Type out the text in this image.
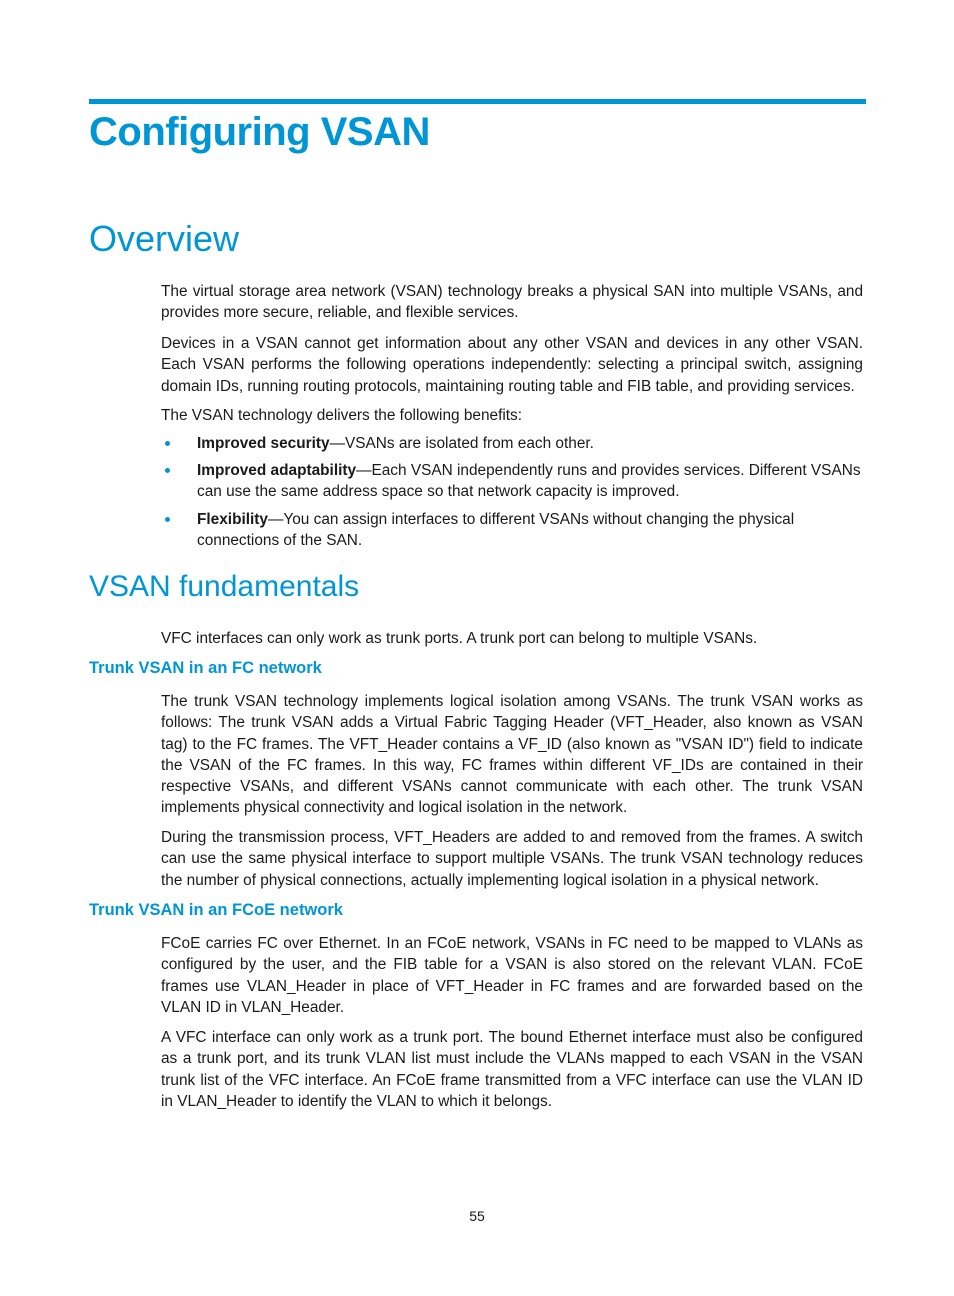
Configuring VSAN
Overview

The virtual storage area network (VSAN) technology breaks a physical SAN into multiple VSANs, and provides more secure, reliable, and flexible services.

Devices in a VSAN cannot get information about any other VSAN and devices in any other VSAN. Each VSAN performs the following operations independently: selecting a principal switch, assigning domain IDs, running routing protocols, maintaining routing table and FIB table, and providing services.

The VSAN technology delivers the following benefits:

Improved security—VSANs are isolated from each other.
Improved adaptability—Each VSAN independently runs and provides services. Different VSANs can use the same address space so that network capacity is improved.
Flexibility—You can assign interfaces to different VSANs without changing the physical connections of the SAN.
VSAN fundamentals

VFC interfaces can only work as trunk ports. A trunk port can belong to multiple VSANs.

Trunk VSAN in an FC network

The trunk VSAN technology implements logical isolation among VSANs. The trunk VSAN works as follows: The trunk VSAN adds a Virtual Fabric Tagging Header (VFT_Header, also known as VSAN tag) to the FC frames. The VFT_Header contains a VF_ID (also known as "VSAN ID") field to indicate the VSAN of the FC frames. In this way, FC frames within different VF_IDs are contained in their respective VSANs, and different VSANs cannot communicate with each other. The trunk VSAN implements physical connectivity and logical isolation in the network.

During the transmission process, VFT_Headers are added to and removed from the frames. A switch can use the same physical interface to support multiple VSANs. The trunk VSAN technology reduces the number of physical connections, actually implementing logical isolation in a physical network.

Trunk VSAN in an FCoE network

FCoE carries FC over Ethernet. In an FCoE network, VSANs in FC need to be mapped to VLANs as configured by the user, and the FIB table for a VSAN is also stored on the relevant VLAN. FCoE frames use VLAN_Header in place of VFT_Header in FC frames and are forwarded based on the VLAN ID in VLAN_Header.

A VFC interface can only work as a trunk port. The bound Ethernet interface must also be configured as a trunk port, and its trunk VLAN list must include the VLANs mapped to each VSAN in the VSAN trunk list of the VFC interface. An FCoE frame transmitted from a VFC interface can use the VLAN ID in VLAN_Header to identify the VLAN to which it belongs.

55
